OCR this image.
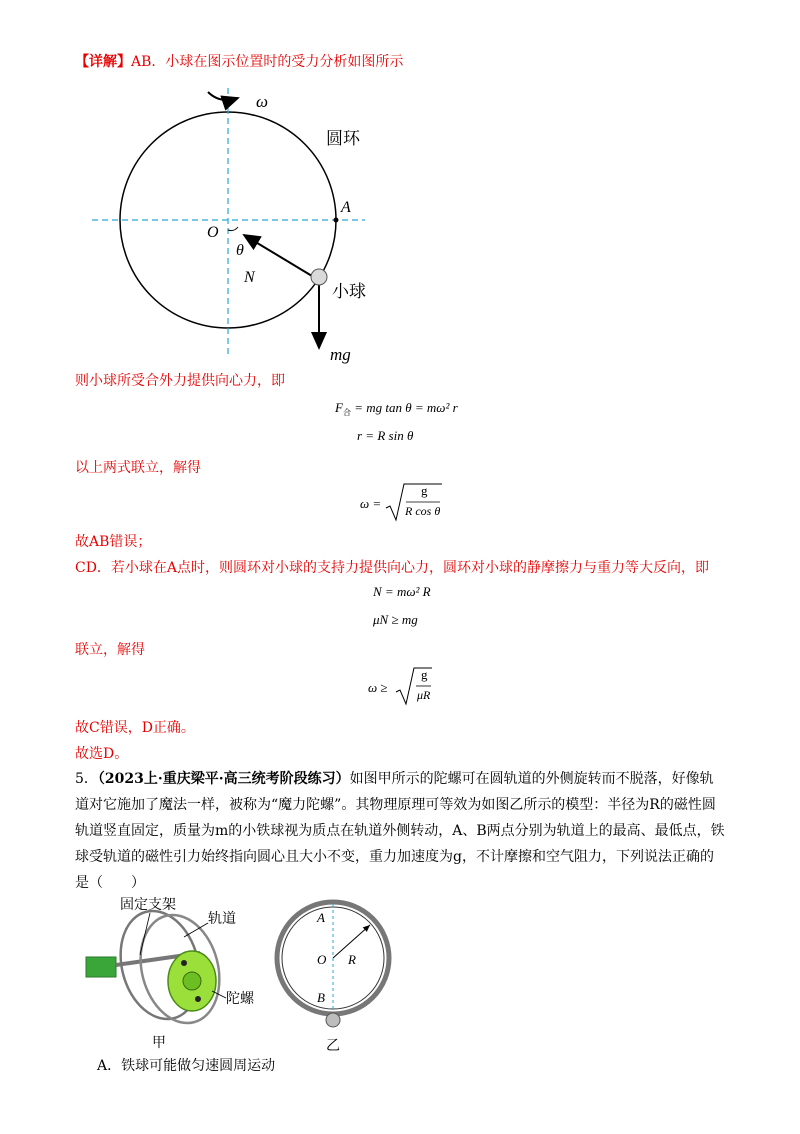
【详解】AB．小球在图示位置时的受力分析如图所示
ω
圆环
A
O
θ
N
小球
mg
则小球所受合外力提供向心力，即
$F_合$ = mg tan θ = mω² r
r = R sin θ
以上两式联立，解得
ω =
g
R cos θ
故AB错误；
CD．若小球在A点时，则圆环对小球的支持力提供向心力，圆环对小球的静摩擦力与重力等大反向，即
N = mω² R
μN ≥ mg
联立，解得
ω ≥
g
μR
故C错误，D正确。
故选D。
5．（2023上·重庆梁平·高三统考阶段练习）如图甲所示的陀螺可在圆轨道的外侧旋转而不脱落，好像轨道对它施加了魔法一样，被称为“魔力陀螺”。其物理原理可等效为如图乙所示的模型：半径为R的磁性圆轨道竖直固定，质量为m的小铁球视为质点在轨道外侧转动，A、B两点分别为轨道上的最高、最低点，铁球受轨道的磁性引力始终指向圆心且大小不变，重力加速度为g，不计摩擦和空气阻力，下列说法正确的是（　　）
固定支架
轨道
陀螺
甲
A
O R
B
乙
A．铁球可能做匀速圆周运动
